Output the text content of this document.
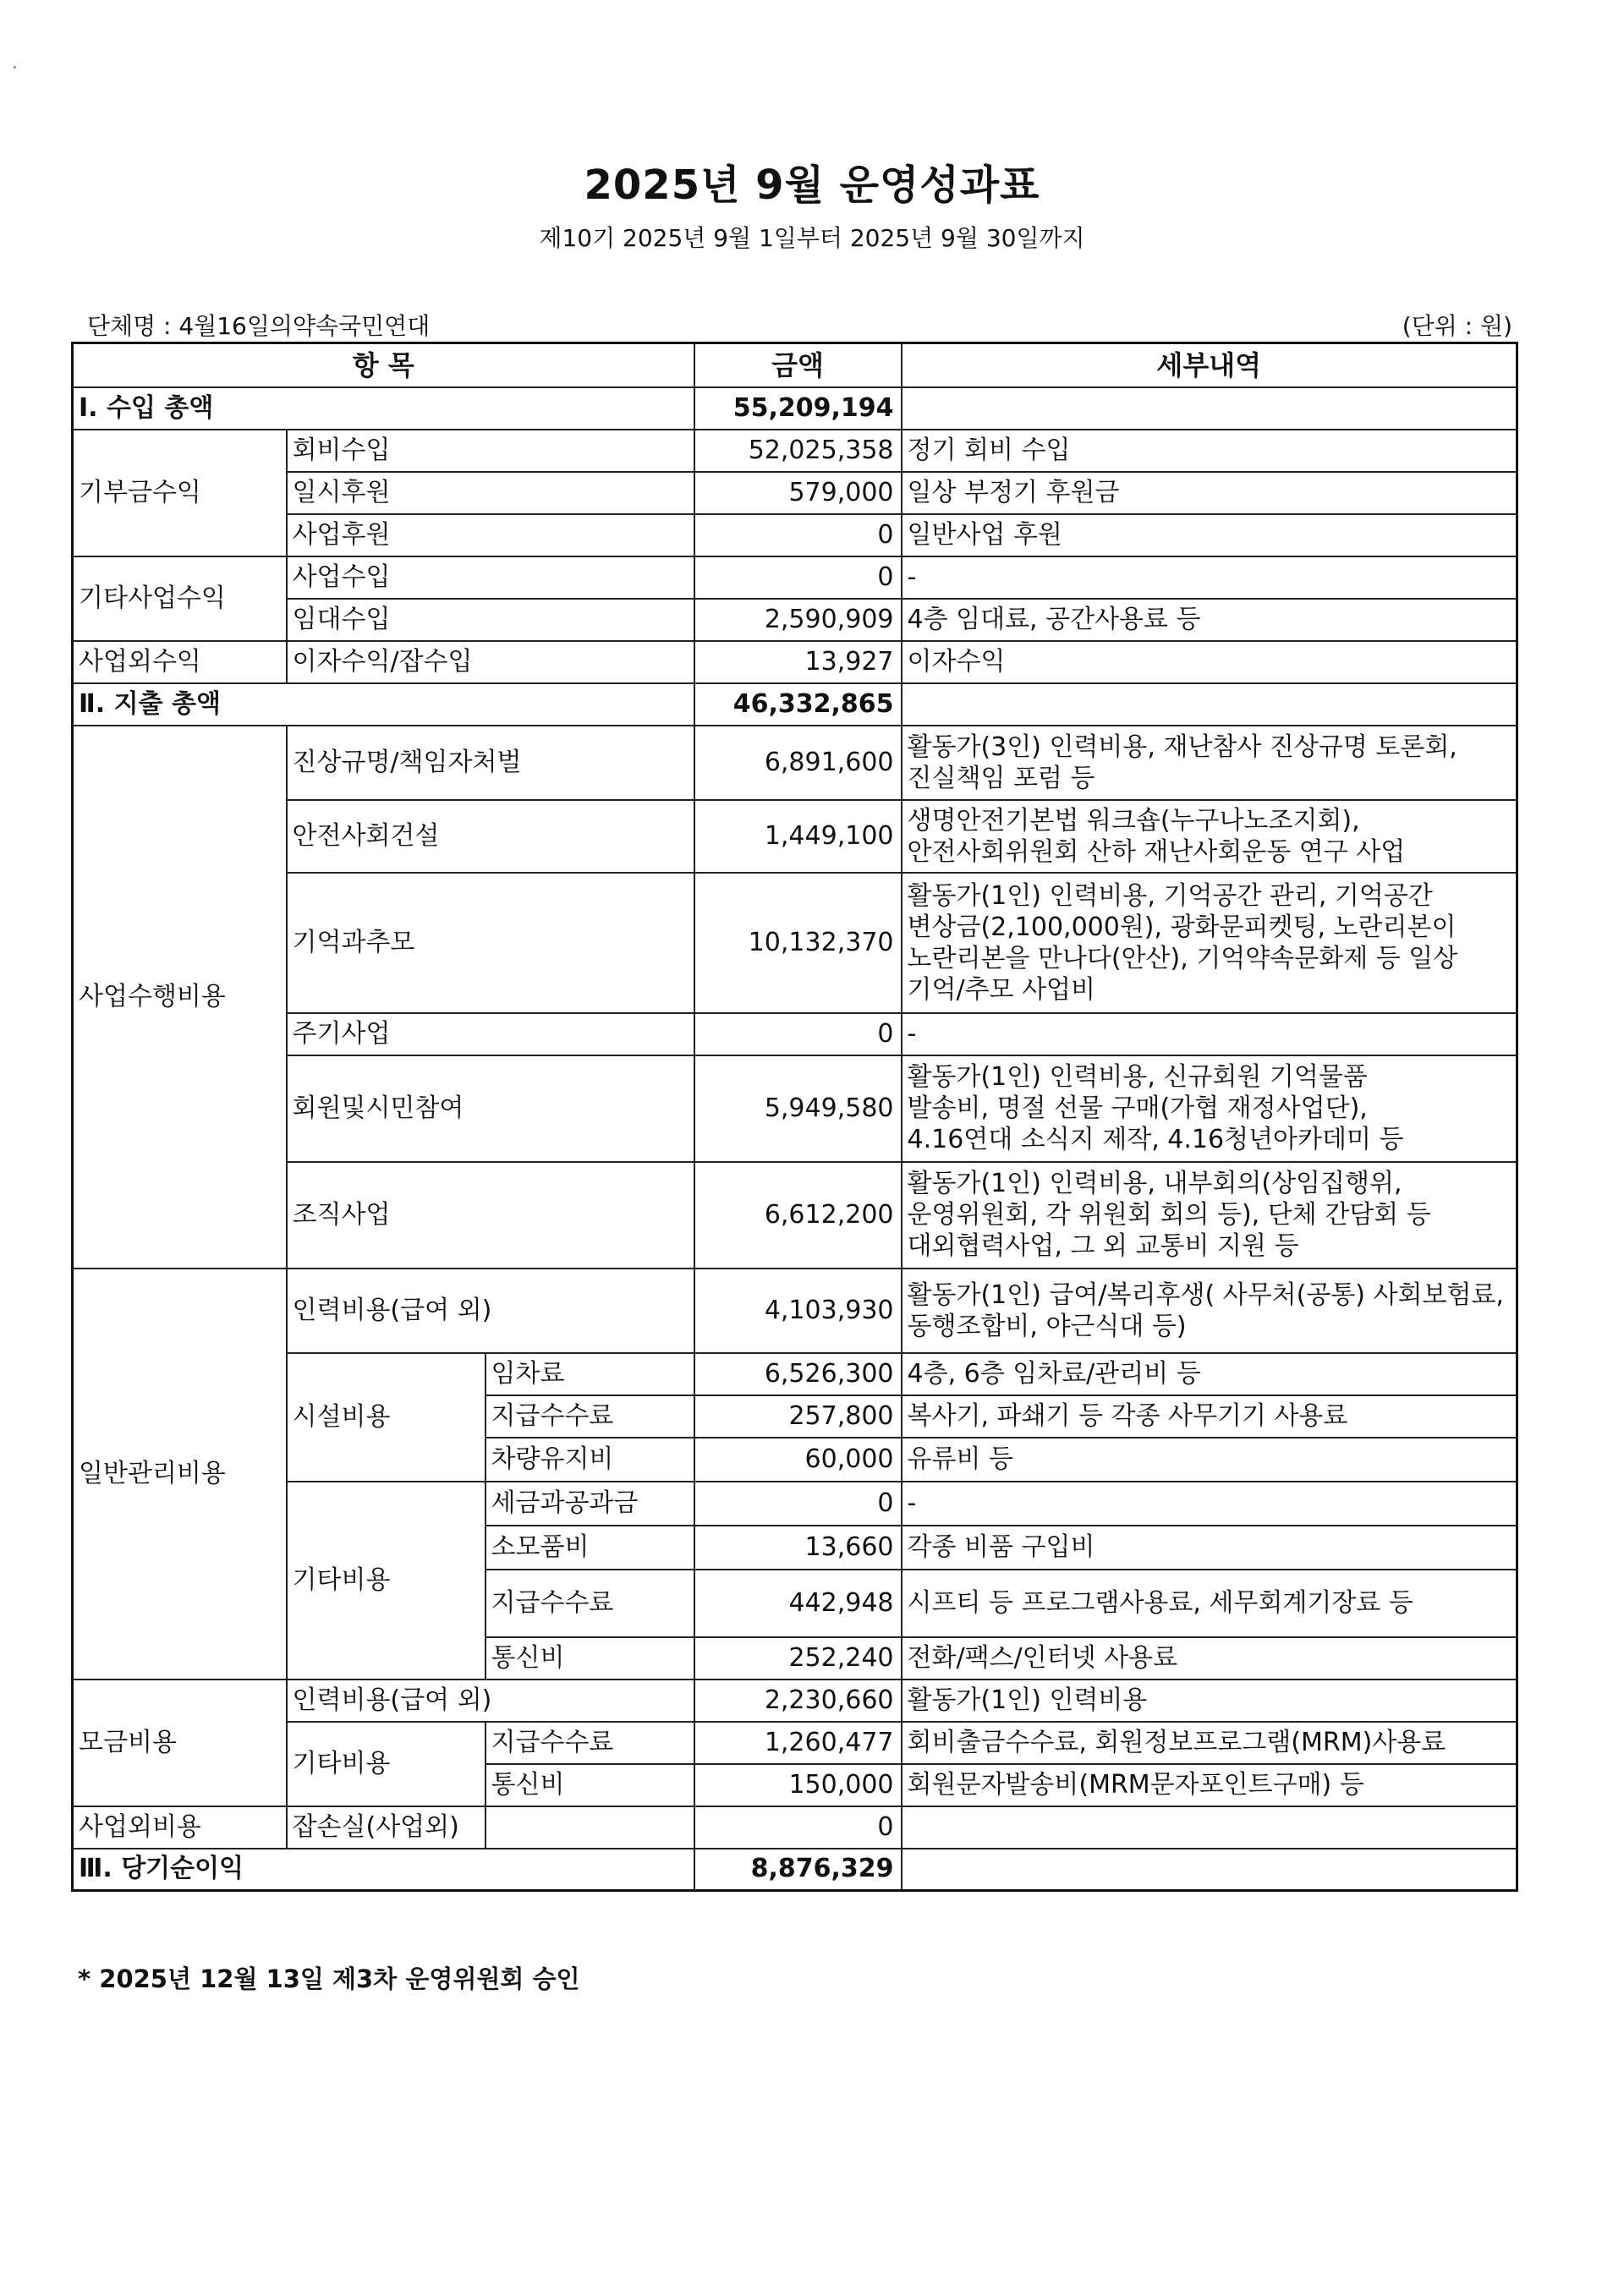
2025년 9월 운영성과표
제10기 2025년 9월 1일부터 2025년 9월 30일까지
단체명 : 4월16일의약속국민연대	(단위 : 원)
항 목			금액	세부내역
Ⅰ. 수입 총액			55,209,194	
기부금수익	회비수입		52,025,358	정기 회비 수입
	일시후원		579,000	일상 부정기 후원금
	사업후원		0	일반사업 후원
기타사업수익	사업수입		0	-
	임대수입		2,590,909	4층 임대료, 공간사용료 등
사업외수익	이자수익/잡수입		13,927	이자수익
Ⅱ. 지출 총액			46,332,865	
사업수행비용	진상규명/책임자처벌		6,891,600	활동가(3인) 인력비용, 재난참사 진상규명 토론회,
진실책임 포럼 등

	안전사회건설		1,449,100	생명안전기본법 워크숍(누구나노조지회),
안전사회위원회 산하 재난사회운동 연구 사업

	기억과추모		10,132,370	활동가(1인) 인력비용, 기억공간 관리, 기억공간
변상금(2,100,000원), 광화문피켓팅, 노란리본이
노란리본을 만나다(안산), 기억약속문화제 등 일상
기억/추모 사업비

	주기사업		0	-
	회원및시민참여		5,949,580	활동가(1인) 인력비용, 신규회원 기억물품
발송비, 명절 선물 구매(가협 재정사업단),
4.16연대 소식지 제작, 4.16청년아카데미 등

	조직사업		6,612,200	활동가(1인) 인력비용, 내부회의(상임집행위,
운영위원회, 각 위원회 회의 등), 단체 간담회 등
대외협력사업, 그 외 교통비 지원 등

일반관리비용	인력비용(급여 외)		4,103,930	활동가(1인) 급여/복리후생( 사무처(공통) 사회보험료,
동행조합비, 야근식대 등)

	시설비용	임차료	6,526,300	4층, 6층 임차료/관리비 등
		지급수수료	257,800	복사기, 파쇄기 등 각종 사무기기 사용료
		차량유지비	60,000	유류비 등
	기타비용	세금과공과금	0	-
		소모품비	13,660	각종 비품 구입비
		지급수수료	442,948	시프티 등 프로그램사용료, 세무회계기장료 등
		통신비	252,240	전화/팩스/인터넷 사용료
모금비용	인력비용(급여 외)		2,230,660	활동가(1인) 인력비용
	기타비용	지급수수료	1,260,477	회비출금수수료, 회원정보프로그램(MRM)사용료
		통신비	150,000	회원문자발송비(MRM문자포인트구매) 등
사업외비용	잡손실(사업외)		0	
Ⅲ. 당기순이익			8,876,329	
* 2025년 12월 13일 제3차 운영위원회 승인
